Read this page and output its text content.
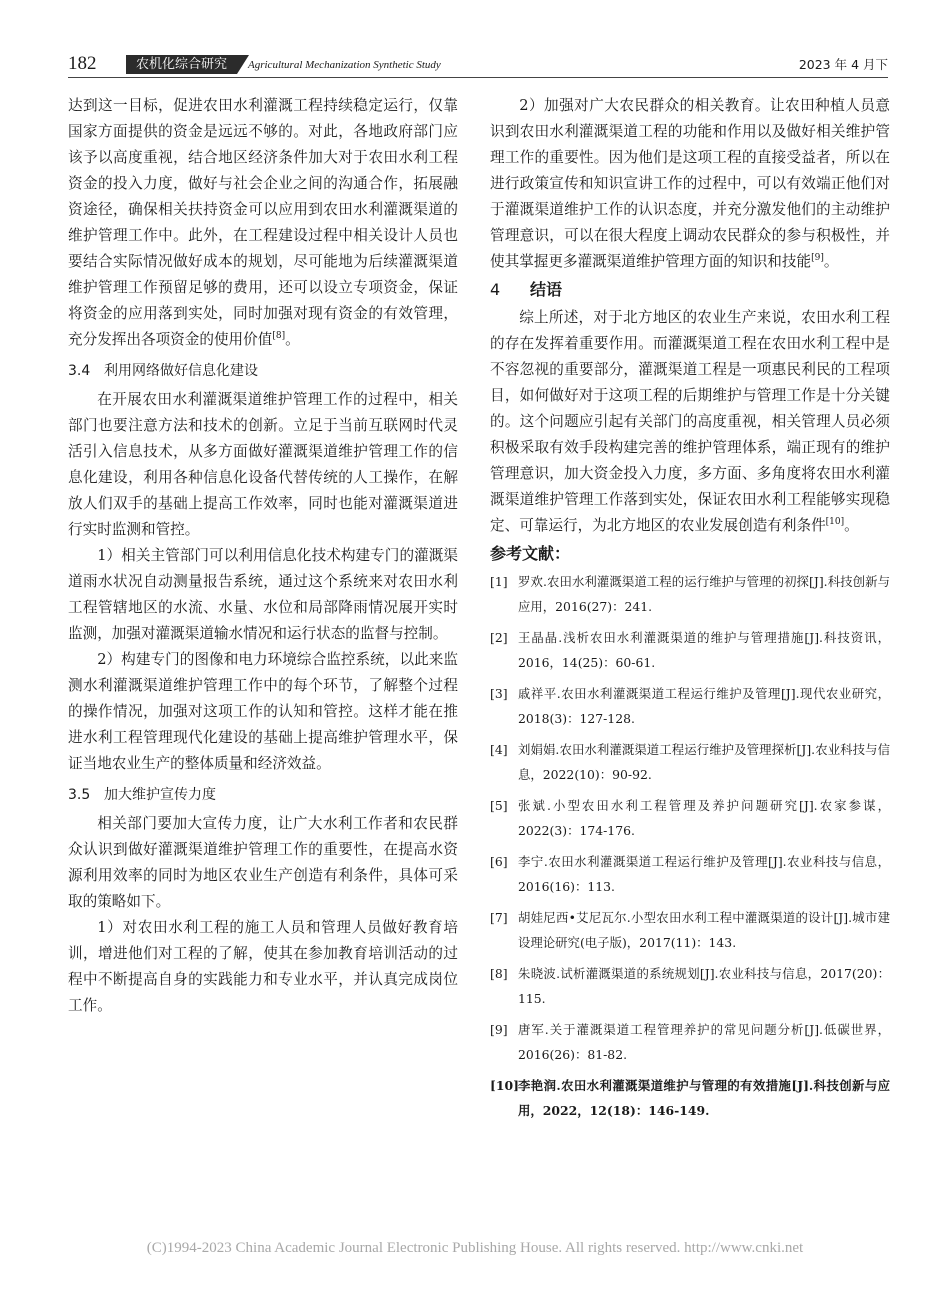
182	农机化综合研究	Agricultural Mechanization Synthetic Study	2023 年 4 月下

达到这一目标，促进农田水利灌溉工程持续稳定运行，仅靠国家方面提供的资金是远远不够的。对此，各地政府部门应该予以高度重视，结合地区经济条件加大对于农田水利工程资金的投入力度，做好与社会企业之间的沟通合作，拓展融资途径，确保相关扶持资金可以应用到农田水利灌溉渠道的维护管理工作中。此外，在工程建设过程中相关设计人员也要结合实际情况做好成本的规划，尽可能地为后续灌溉渠道维护管理工作预留足够的费用，还可以设立专项资金，保证将资金的应用落到实处，同时加强对现有资金的有效管理，充分发挥出各项资金的使用价值[8]。

3.4 利用网络做好信息化建设

在开展农田水利灌溉渠道维护管理工作的过程中，相关部门也要注意方法和技术的创新。立足于当前互联网时代灵活引入信息技术，从多方面做好灌溉渠道维护管理工作的信息化建设，利用各种信息化设备代替传统的人工操作，在解放人们双手的基础上提高工作效率，同时也能对灌溉渠道进行实时监测和管控。

1）相关主管部门可以利用信息化技术构建专门的灌溉渠道雨水状况自动测量报告系统，通过这个系统来对农田水利工程管辖地区的水流、水量、水位和局部降雨情况展开实时监测，加强对灌溉渠道输水情况和运行状态的监督与控制。

2）构建专门的图像和电力环境综合监控系统，以此来监测水利灌溉渠道维护管理工作中的每个环节，了解整个过程的操作情况，加强对这项工作的认知和管控。这样才能在推进水利工程管理现代化建设的基础上提高维护管理水平，保证当地农业生产的整体质量和经济效益。

3.5 加大维护宣传力度

相关部门要加大宣传力度，让广大水利工作者和农民群众认识到做好灌溉渠道维护管理工作的重要性，在提高水资源利用效率的同时为地区农业生产创造有利条件，具体可采取的策略如下。

1）对农田水利工程的施工人员和管理人员做好教育培训，增进他们对工程的了解，使其在参加教育培训活动的过程中不断提高自身的实践能力和专业水平，并认真完成岗位工作。

2）加强对广大农民群众的相关教育。让农田种植人员意识到农田水利灌溉渠道工程的功能和作用以及做好相关维护管理工作的重要性。因为他们是这项工程的直接受益者，所以在进行政策宣传和知识宣讲工作的过程中，可以有效端正他们对于灌溉渠道维护工作的认识态度，并充分激发他们的主动维护管理意识，可以在很大程度上调动农民群众的参与积极性，并使其掌握更多灌溉渠道维护管理方面的知识和技能[9]。

4 结语

综上所述，对于北方地区的农业生产来说，农田水利工程的存在发挥着重要作用。而灌溉渠道工程在农田水利工程中是不容忽视的重要部分，灌溉渠道工程是一项惠民利民的工程项目，如何做好对于这项工程的后期维护与管理工作是十分关键的。这个问题应引起有关部门的高度重视，相关管理人员必须积极采取有效手段构建完善的维护管理体系，端正现有的维护管理意识，加大资金投入力度，多方面、多角度将农田水利灌溉渠道维护管理工作落到实处，保证农田水利工程能够实现稳定、可靠运行，为北方地区的农业发展创造有利条件[10]。

参考文献：
[1] 罗欢.农田水利灌溉渠道工程的运行维护与管理的初探[J].科技创新与应用，2016(27)：241.
[2] 王晶晶.浅析农田水利灌溉渠道的维护与管理措施[J].科技资讯，2016，14(25)：60-61.
[3] 戚祥平.农田水利灌溉渠道工程运行维护及管理[J].现代农业研究，2018(3)：127-128.
[4] 刘娟娟.农田水利灌溉渠道工程运行维护及管理探析[J].农业科技与信息，2022(10)：90-92.
[5] 张斌.小型农田水利工程管理及养护问题研究[J].农家参谋，2022(3)：174-176.
[6] 李宁.农田水利灌溉渠道工程运行维护及管理[J].农业科技与信息，2016(16)：113.
[7] 胡娃尼西•艾尼瓦尔.小型农田水利工程中灌溉渠道的设计[J].城市建设理论研究(电子版)，2017(11)：143.
[8] 朱晓波.试析灌溉渠道的系统规划[J].农业科技与信息，2017(20)：115.
[9] 唐军.关于灌溉渠道工程管理养护的常见问题分析[J].低碳世界，2016(26)：81-82.
[10] 李艳润.农田水利灌溉渠道维护与管理的有效措施[J].科技创新与应用，2022，12(18)：146-149.
(C)1994-2023 China Academic Journal Electronic Publishing House. All rights reserved. http://www.cnki.net
